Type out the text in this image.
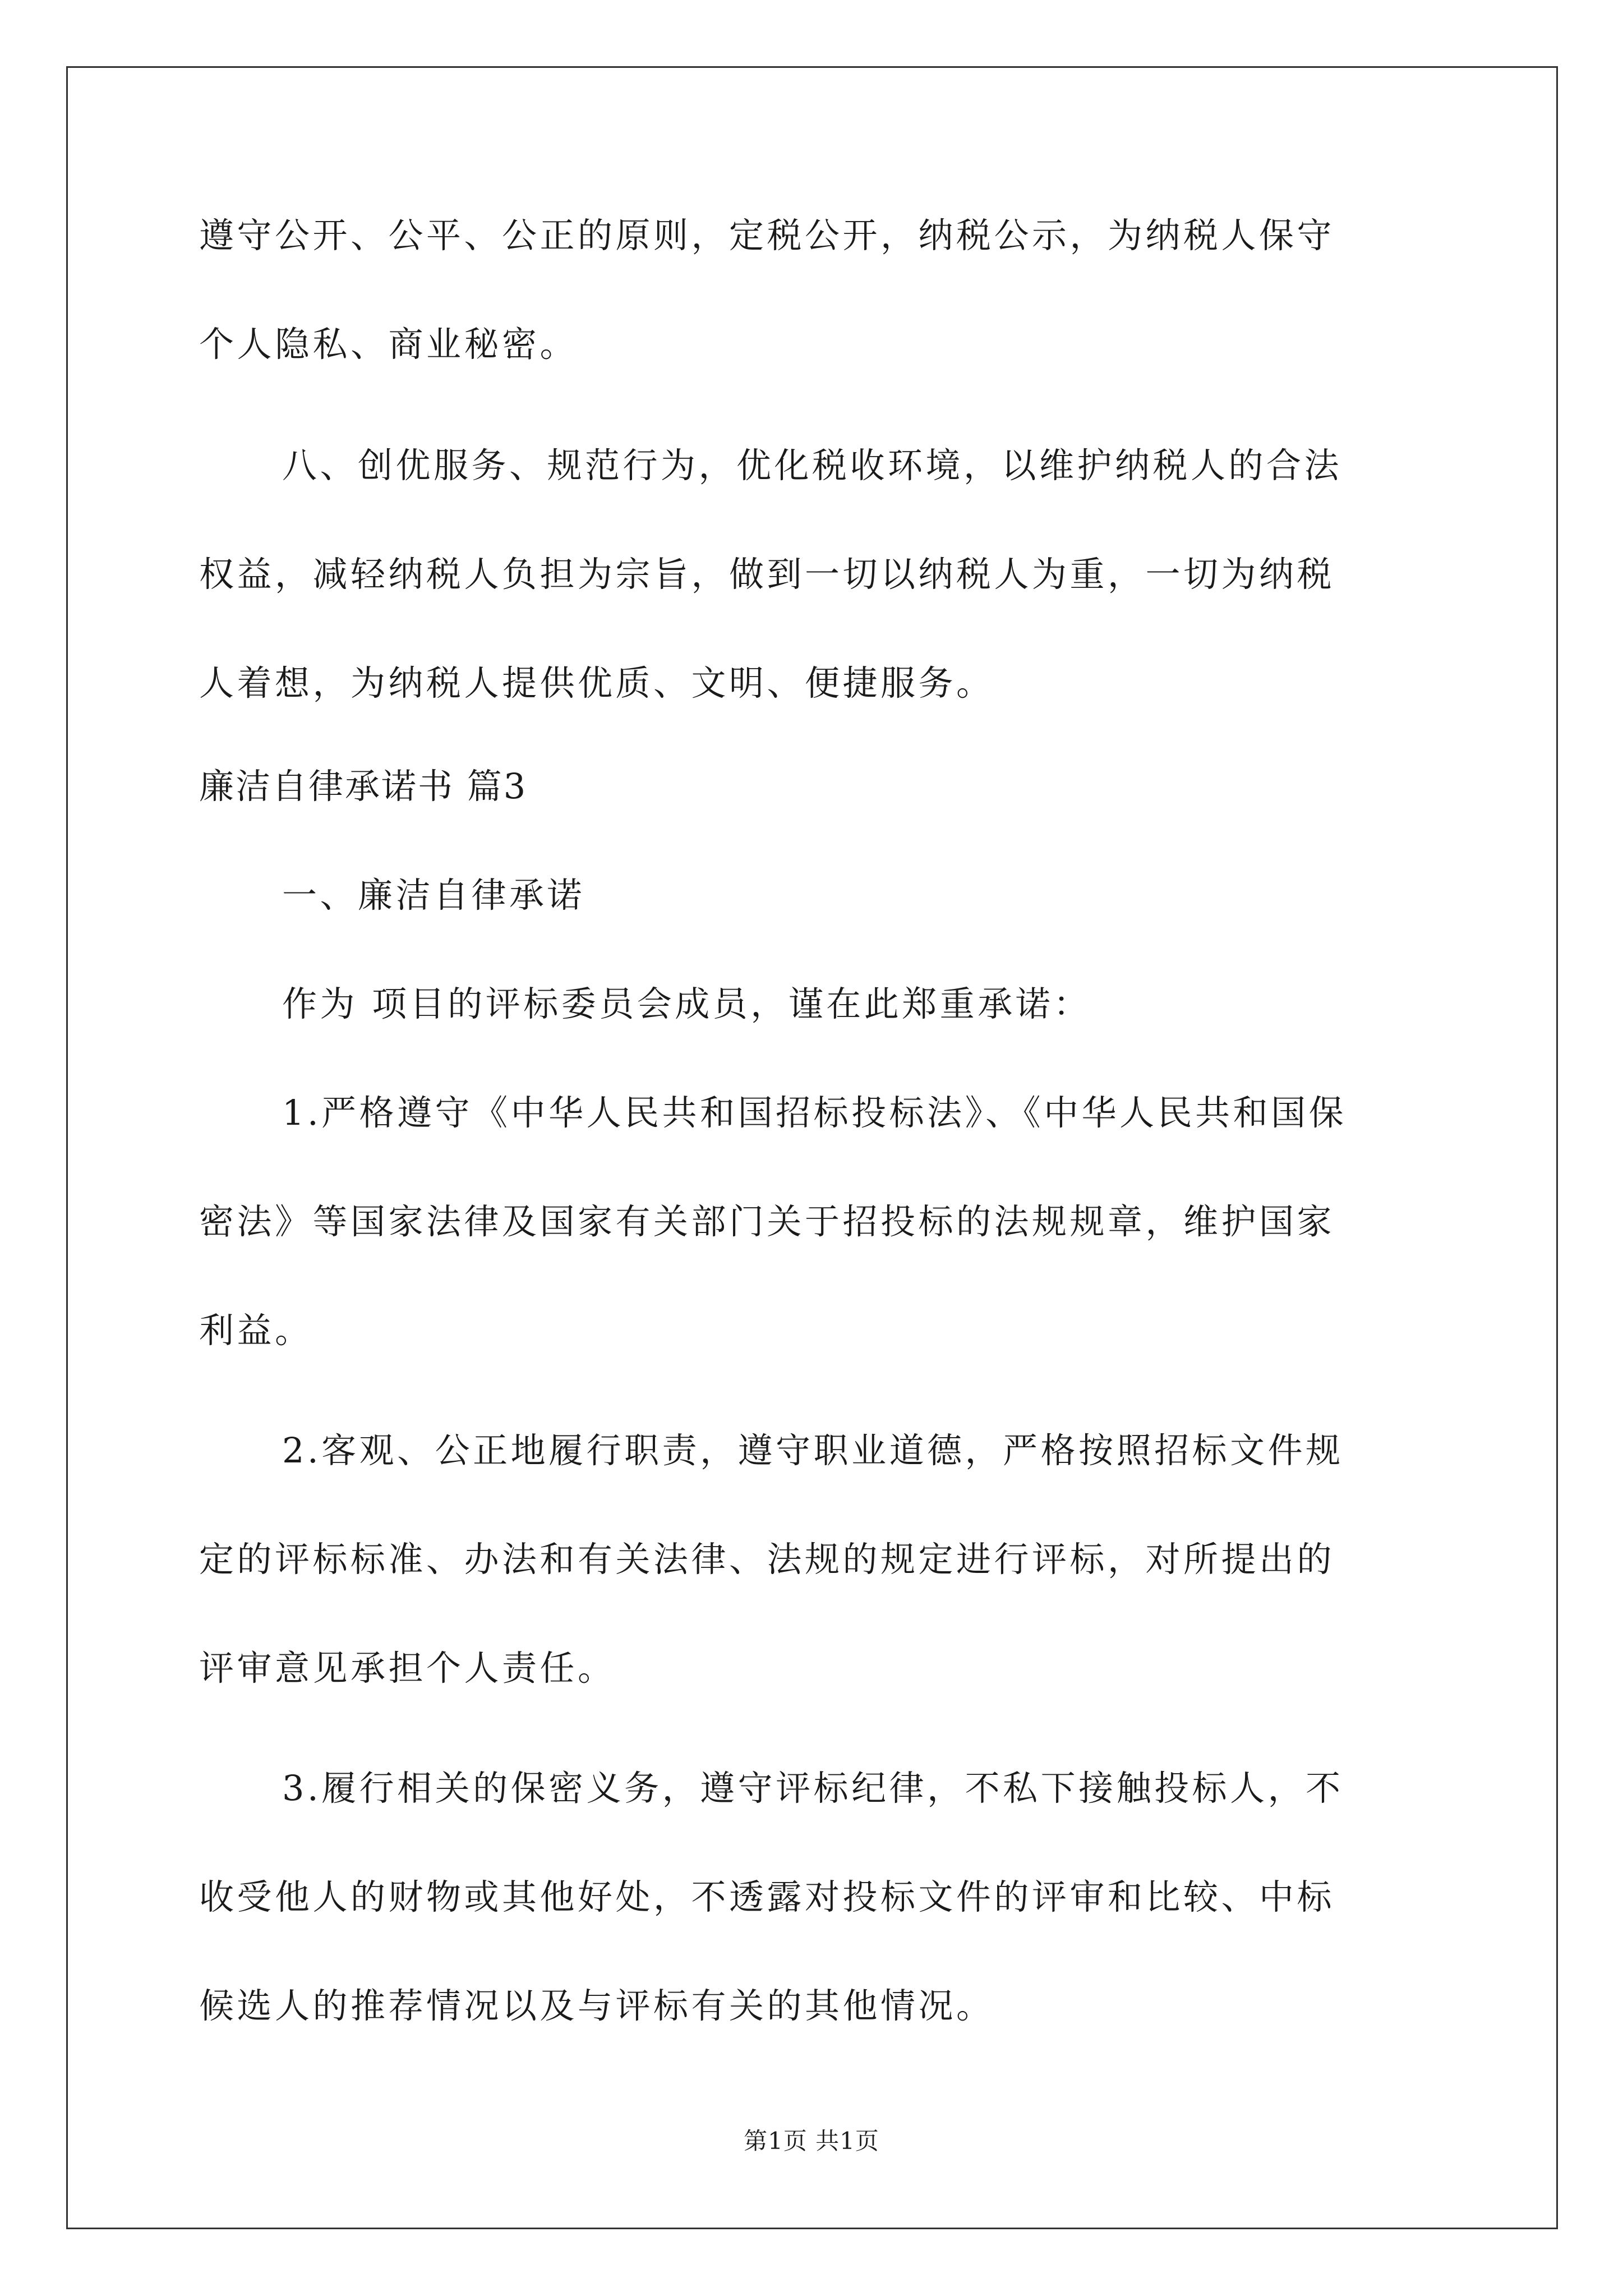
遵守公开、公平、公正的原则，定税公开，纳税公示，为纳税人保守
个人隐私、商业秘密。
八、创优服务、规范行为，优化税收环境，以维护纳税人的合法
权益，减轻纳税人负担为宗旨，做到一切以纳税人为重，一切为纳税
人着想，为纳税人提供优质、文明、便捷服务。
廉洁自律承诺书 篇3
一、廉洁自律承诺
作为 项目的评标委员会成员，谨在此郑重承诺：
1.严格遵守《中华人民共和国招标投标法》、《中华人民共和国保
密法》等国家法律及国家有关部门关于招投标的法规规章，维护国家
利益。
2.客观、公正地履行职责，遵守职业道德，严格按照招标文件规
定的评标标准、办法和有关法律、法规的规定进行评标，对所提出的
评审意见承担个人责任。
3.履行相关的保密义务，遵守评标纪律，不私下接触投标人，不
收受他人的财物或其他好处，不透露对投标文件的评审和比较、中标
候选人的推荐情况以及与评标有关的其他情况。
第1页 共1页
